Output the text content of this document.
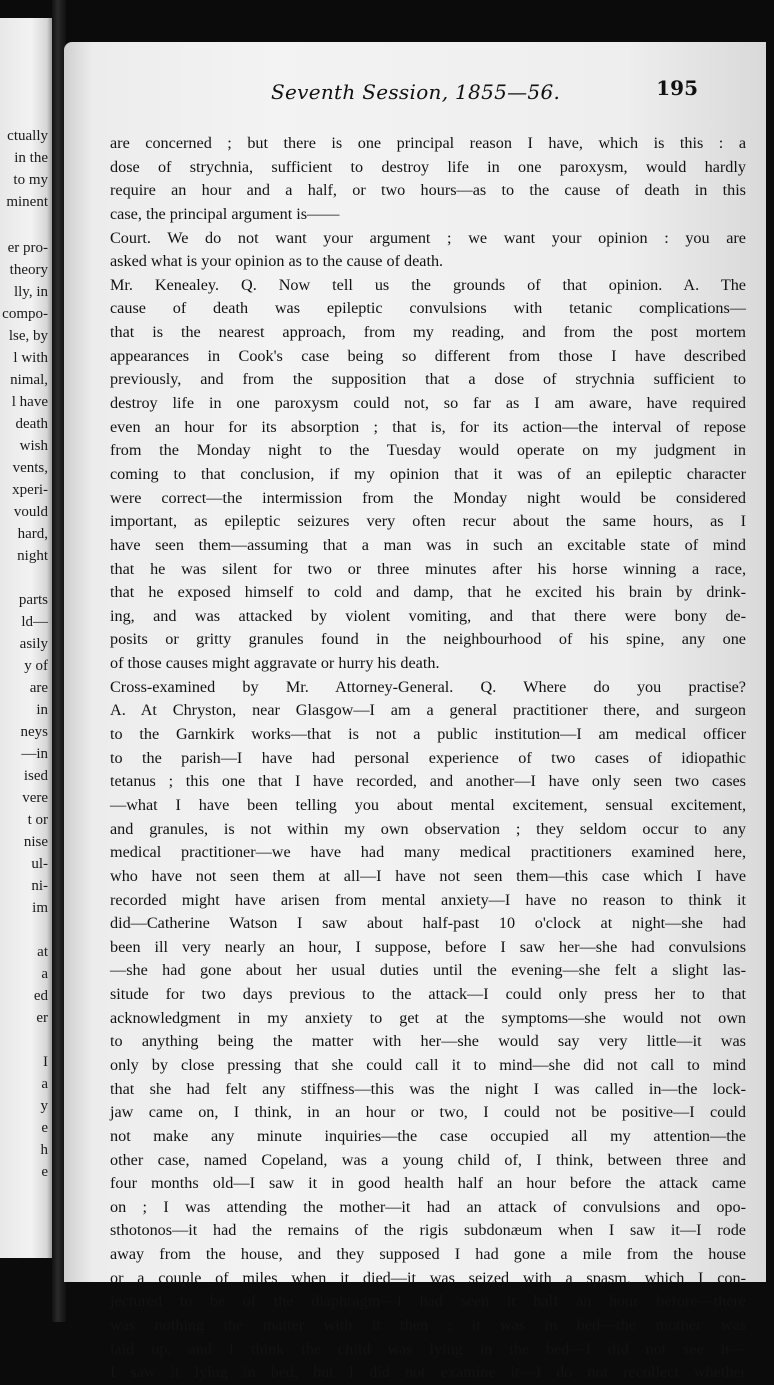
ctually
in the
to my
minent
er pro-
theory
lly, in
compo-
lse, by
l with
nimal,
l have
death
wish
vents,
xperi-
vould
hard,
night
parts
ld—
asily
y of
are
in
neys
—in
ised
vere
t or
nise
ul-
ni-
im
at
a
ed
er
I
a
y
e
h
e
Seventh Session, 1855—56.	195
are concerned ; but there is one principal reason I have, which is this : a
dose of strychnia, sufficient to destroy life in one paroxysm, would hardly
require an hour and a half, or two hours—as to the cause of death in this
case, the principal argument is——
Court. We do not want your argument ; we want your opinion : you are
asked what is your opinion as to the cause of death.
Mr. Kenealey. Q. Now tell us the grounds of that opinion. A. The
cause of death was epileptic convulsions with tetanic complications—
that is the nearest approach, from my reading, and from the post mortem
appearances in Cook's case being so different from those I have described
previously, and from the supposition that a dose of strychnia sufficient to
destroy life in one paroxysm could not, so far as I am aware, have required
even an hour for its absorption ; that is, for its action—the interval of repose
from the Monday night to the Tuesday would operate on my judgment in
coming to that conclusion, if my opinion that it was of an epileptic character
were correct—the intermission from the Monday night would be considered
important, as epileptic seizures very often recur about the same hours, as I
have seen them—assuming that a man was in such an excitable state of mind
that he was silent for two or three minutes after his horse winning a race,
that he exposed himself to cold and damp, that he excited his brain by drink-
ing, and was attacked by violent vomiting, and that there were bony de-
posits or gritty granules found in the neighbourhood of his spine, any one
of those causes might aggravate or hurry his death.
Cross-examined by Mr. Attorney-General. Q. Where do you practise?
A. At Chryston, near Glasgow—I am a general practitioner there, and surgeon
to the Garnkirk works—that is not a public institution—I am medical officer
to the parish—I have had personal experience of two cases of idiopathic
tetanus ; this one that I have recorded, and another—I have only seen two cases
—what I have been telling you about mental excitement, sensual excitement,
and granules, is not within my own observation ; they seldom occur to any
medical practitioner—we have had many medical practitioners examined here,
who have not seen them at all—I have not seen them—this case which I have
recorded might have arisen from mental anxiety—I have no reason to think it
did—Catherine Watson I saw about half-past 10 o'clock at night—she had
been ill very nearly an hour, I suppose, before I saw her—she had convulsions
—she had gone about her usual duties until the evening—she felt a slight las-
situde for two days previous to the attack—I could only press her to that
acknowledgment in my anxiety to get at the symptoms—she would not own
to anything being the matter with her—she would say very little—it was
only by close pressing that she could call it to mind—she did not call to mind
that she had felt any stiffness—this was the night I was called in—the lock-
jaw came on, I think, in an hour or two, I could not be positive—I could
not make any minute inquiries—the case occupied all my attention—the
other case, named Copeland, was a young child of, I think, between three and
four months old—I saw it in good health half an hour before the attack came
on ; I was attending the mother—it had an attack of convulsions and opo-
sthotonos—it had the remains of the rigis subdonæum when I saw it—I rode
away from the house, and they supposed I had gone a mile from the house
or a couple of miles when it died—it was seized with a spasm, which I con-
jectured to be of the diaphragm—I had seen it half an hour before—there
was nothing the matter with it then ; it was in bed—the mother was
laid up, and I think the child was lying in the bed—I did not see it—
I saw it lying in bed, but I did not examine it—I do not recollect whether
